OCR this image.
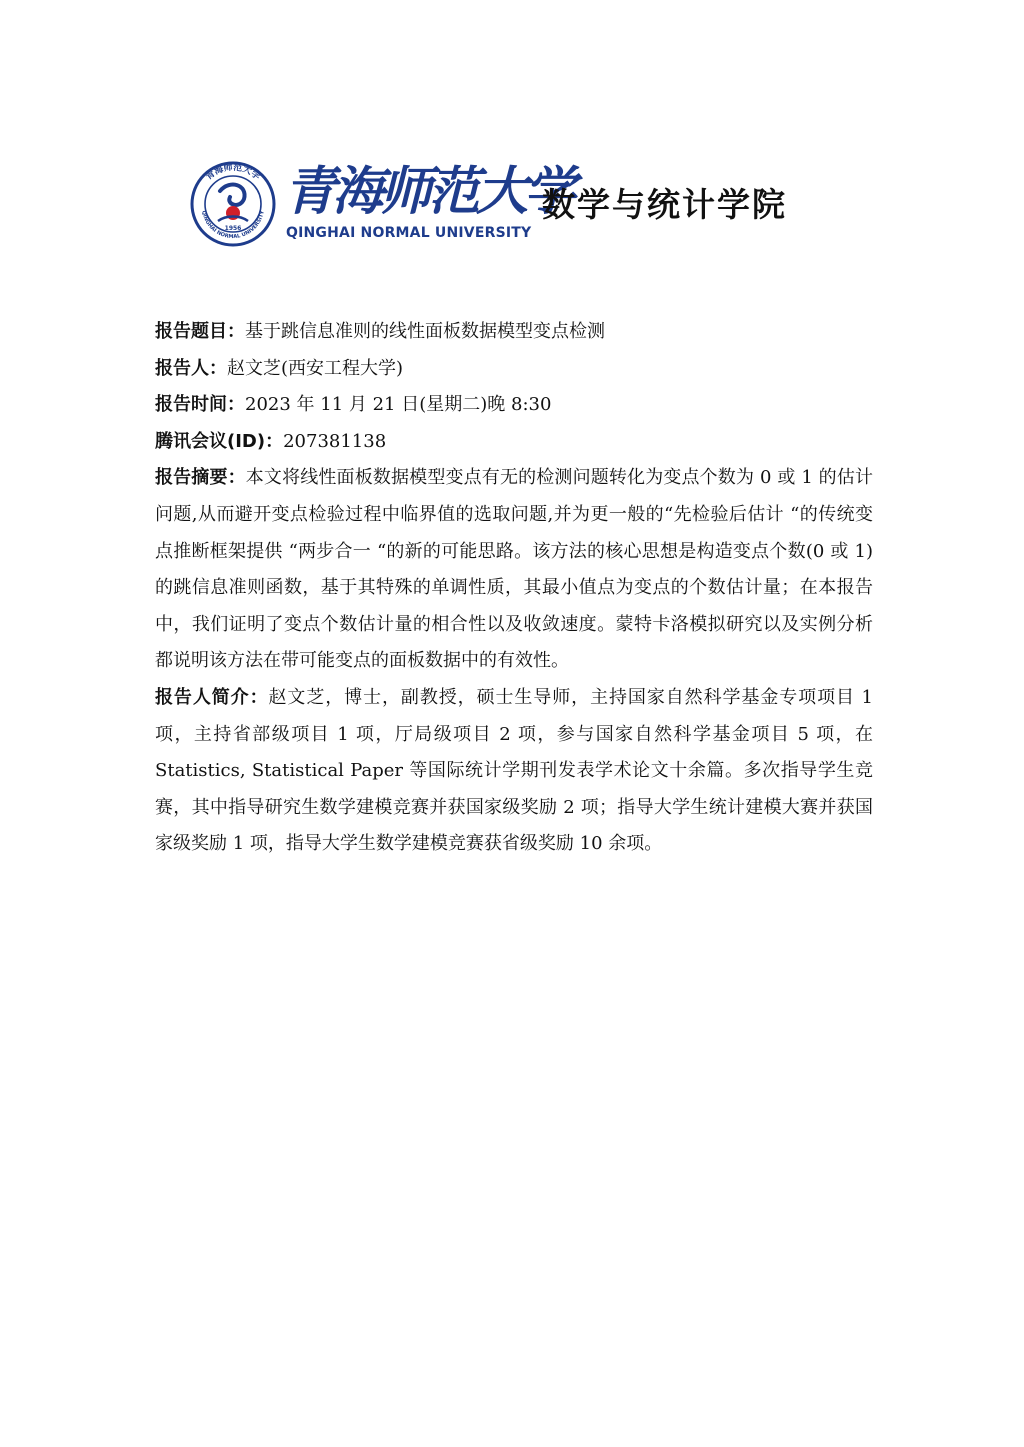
青海师范大学
QINGHAI NORMAL UNIVERSITY
1956
青海师范大学
QINGHAI NORMAL UNIVERSITY
数学与统计学院

报告题目：基于跳信息准则的线性面板数据模型变点检测

报告人：赵文芝(西安工程大学)

报告时间：2023 年 11 月 21 日(星期二)晚 8:30

腾讯会议(ID)：207381138

报告摘要：本文将线性面板数据模型变点有无的检测问题转化为变点个数为 0 或 1 的估计问题,从而避开变点检验过程中临界值的选取问题,并为更一般的“先检验后估计 “的传统变点推断框架提供 “两步合一 “的新的可能思路。该方法的核心思想是构造变点个数(0 或 1)的跳信息准则函数，基于其特殊的单调性质，其最小值点为变点的个数估计量；在本报告中，我们证明了变点个数估计量的相合性以及收敛速度。蒙特卡洛模拟研究以及实例分析都说明该方法在带可能变点的面板数据中的有效性。

报告人简介：赵文芝，博士，副教授，硕士生导师，主持国家自然科学基金专项项目 1 项，主持省部级项目 1 项，厅局级项目 2 项，参与国家自然科学基金项目 5 项，在 Statistics, Statistical Paper 等国际统计学期刊发表学术论文十余篇。多次指导学生竞赛，其中指导研究生数学建模竞赛并获国家级奖励 2 项；指导大学生统计建模大赛并获国家级奖励 1 项，指导大学生数学建模竞赛获省级奖励 10 余项。
